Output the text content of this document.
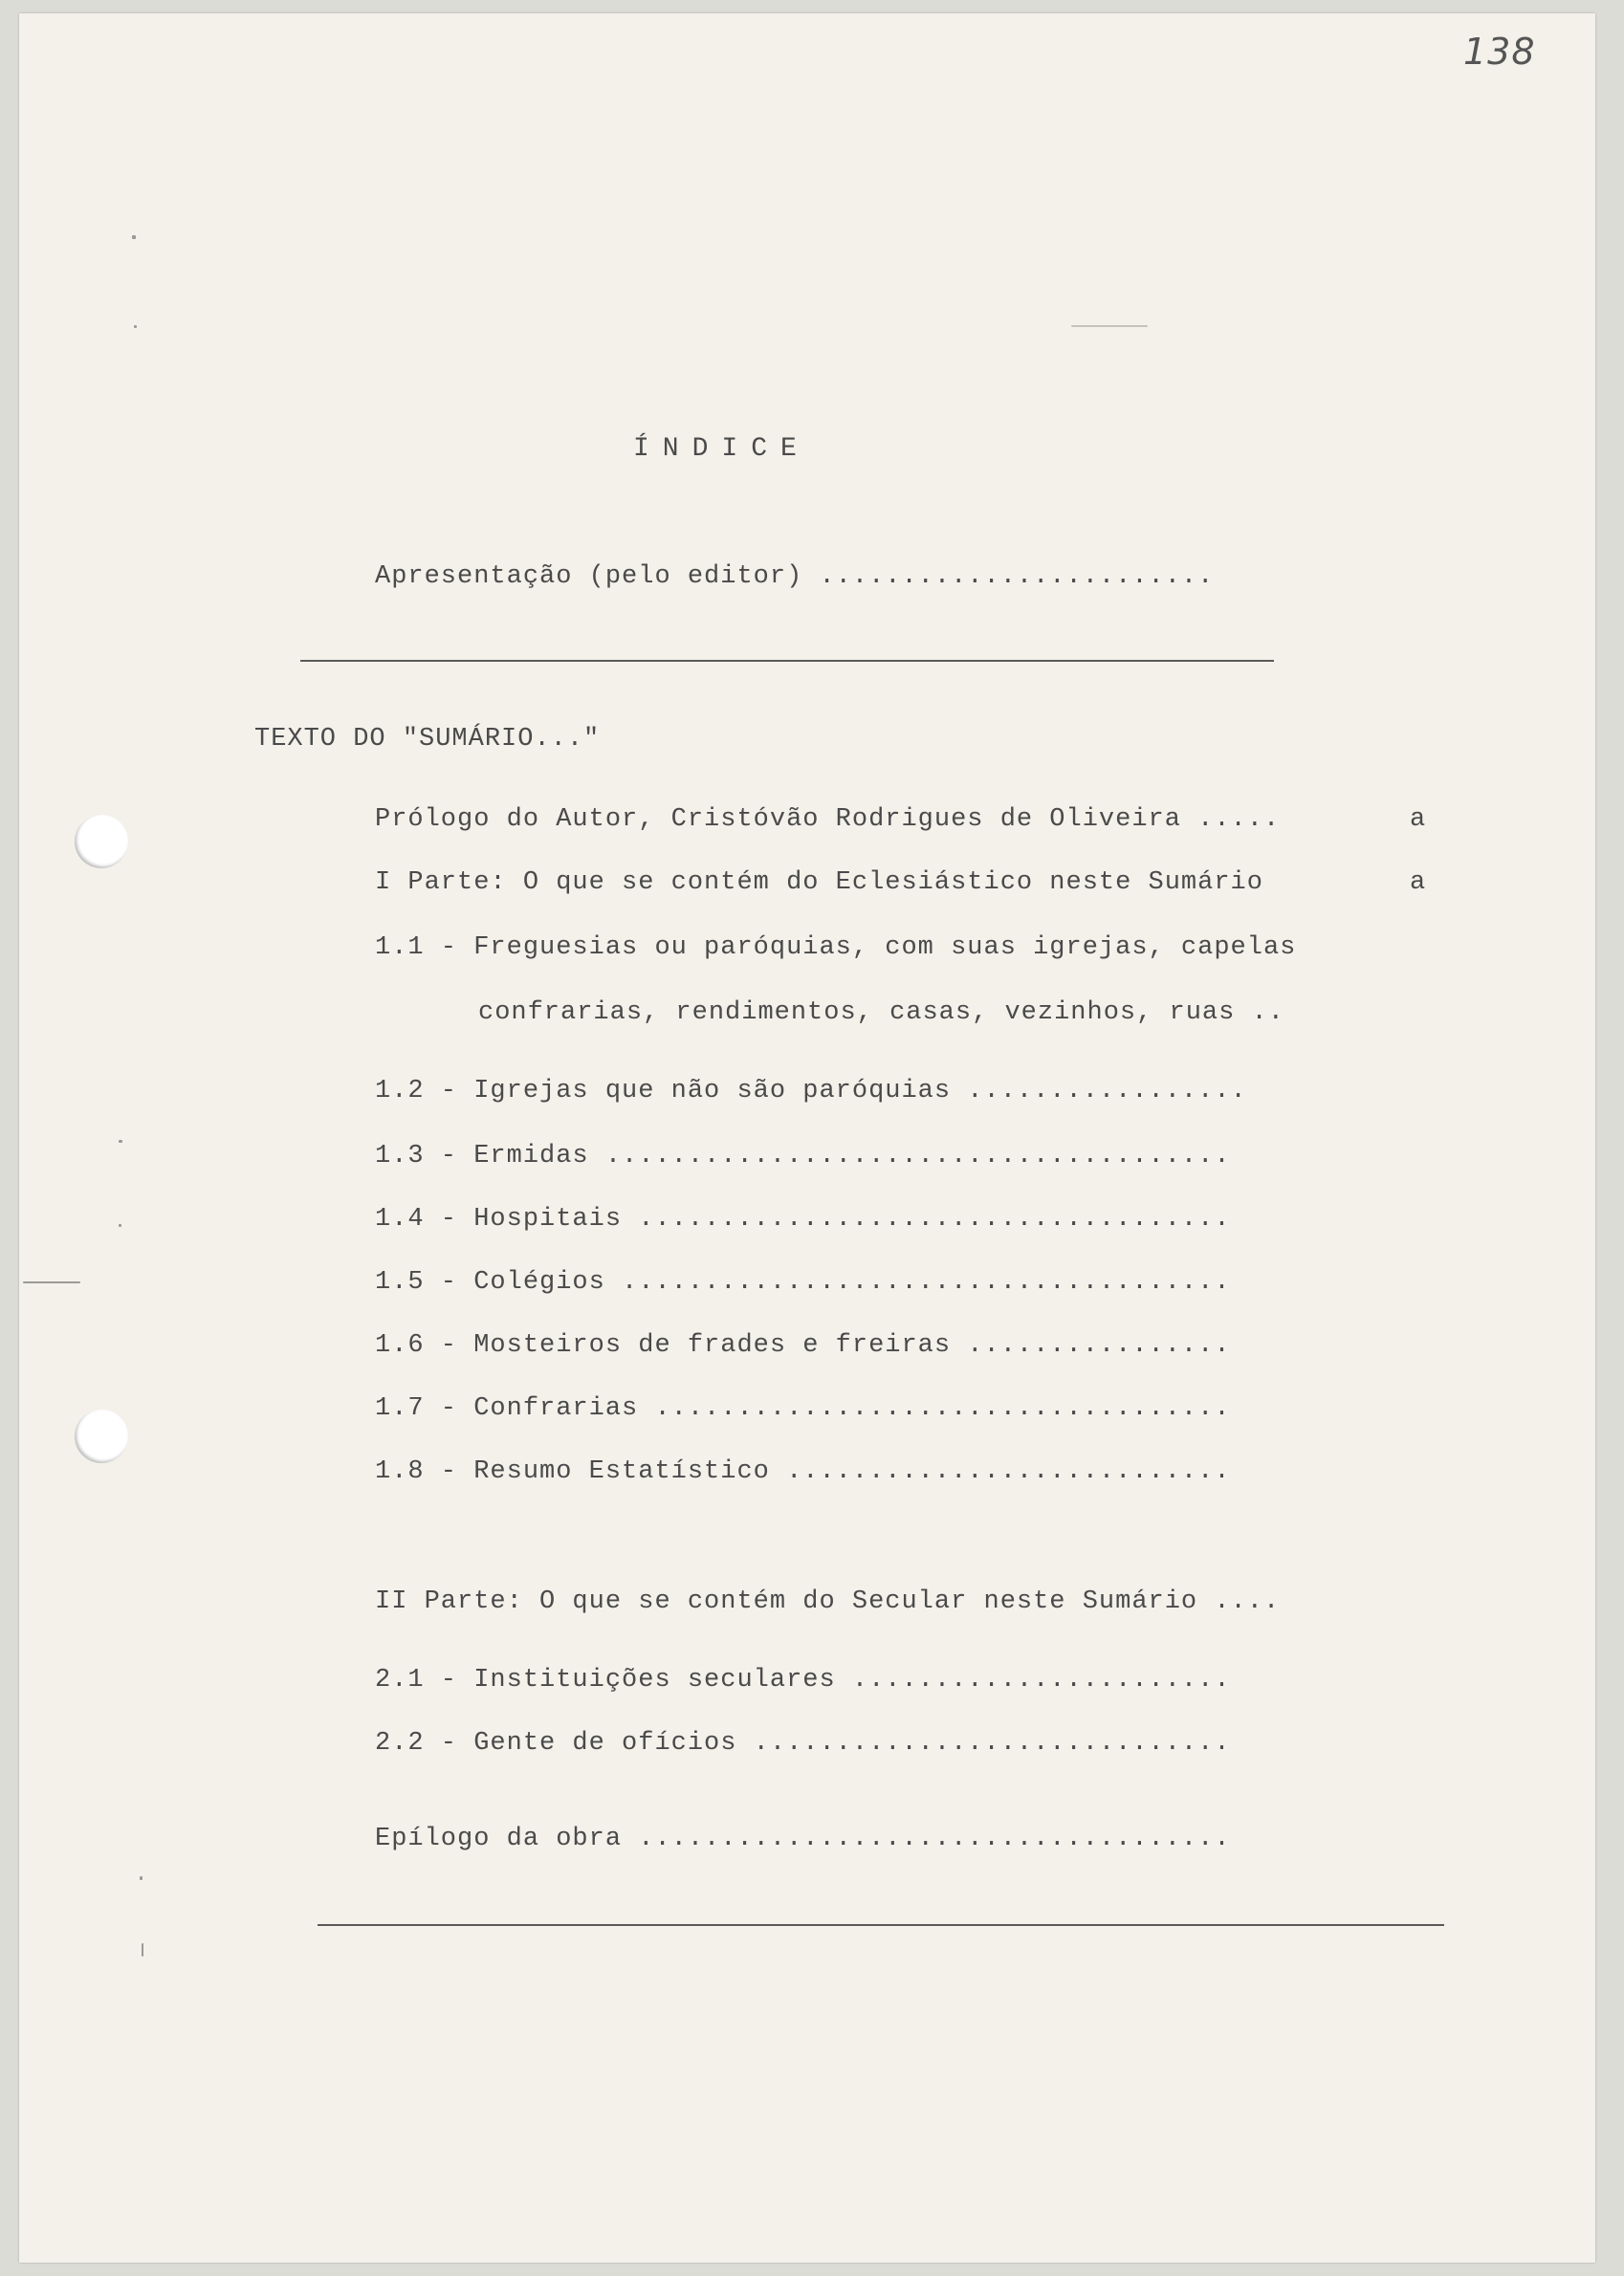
138
ÍNDICE
Apresentação (pelo editor) ........................
TEXTO DO "SUMÁRIO..."
Prólogo do Autor, Cristóvão Rodrigues de Oliveira .....	a
I Parte: O que se contém do Eclesiástico neste Sumário	a
1.1 - Freguesias ou paróquias, com suas igrejas, capelas
confrarias, rendimentos, casas, vezinhos, ruas ..
1.2 - Igrejas que não são paróquias .................
1.3 - Ermidas ......................................
1.4 - Hospitais ....................................
1.5 - Colégios .....................................
1.6 - Mosteiros de frades e freiras ................
1.7 - Confrarias ...................................
1.8 - Resumo Estatístico ...........................
II Parte: O que se contém do Secular neste Sumário ....
2.1 - Instituições seculares .......................
2.2 - Gente de ofícios .............................
Epílogo da obra ....................................
